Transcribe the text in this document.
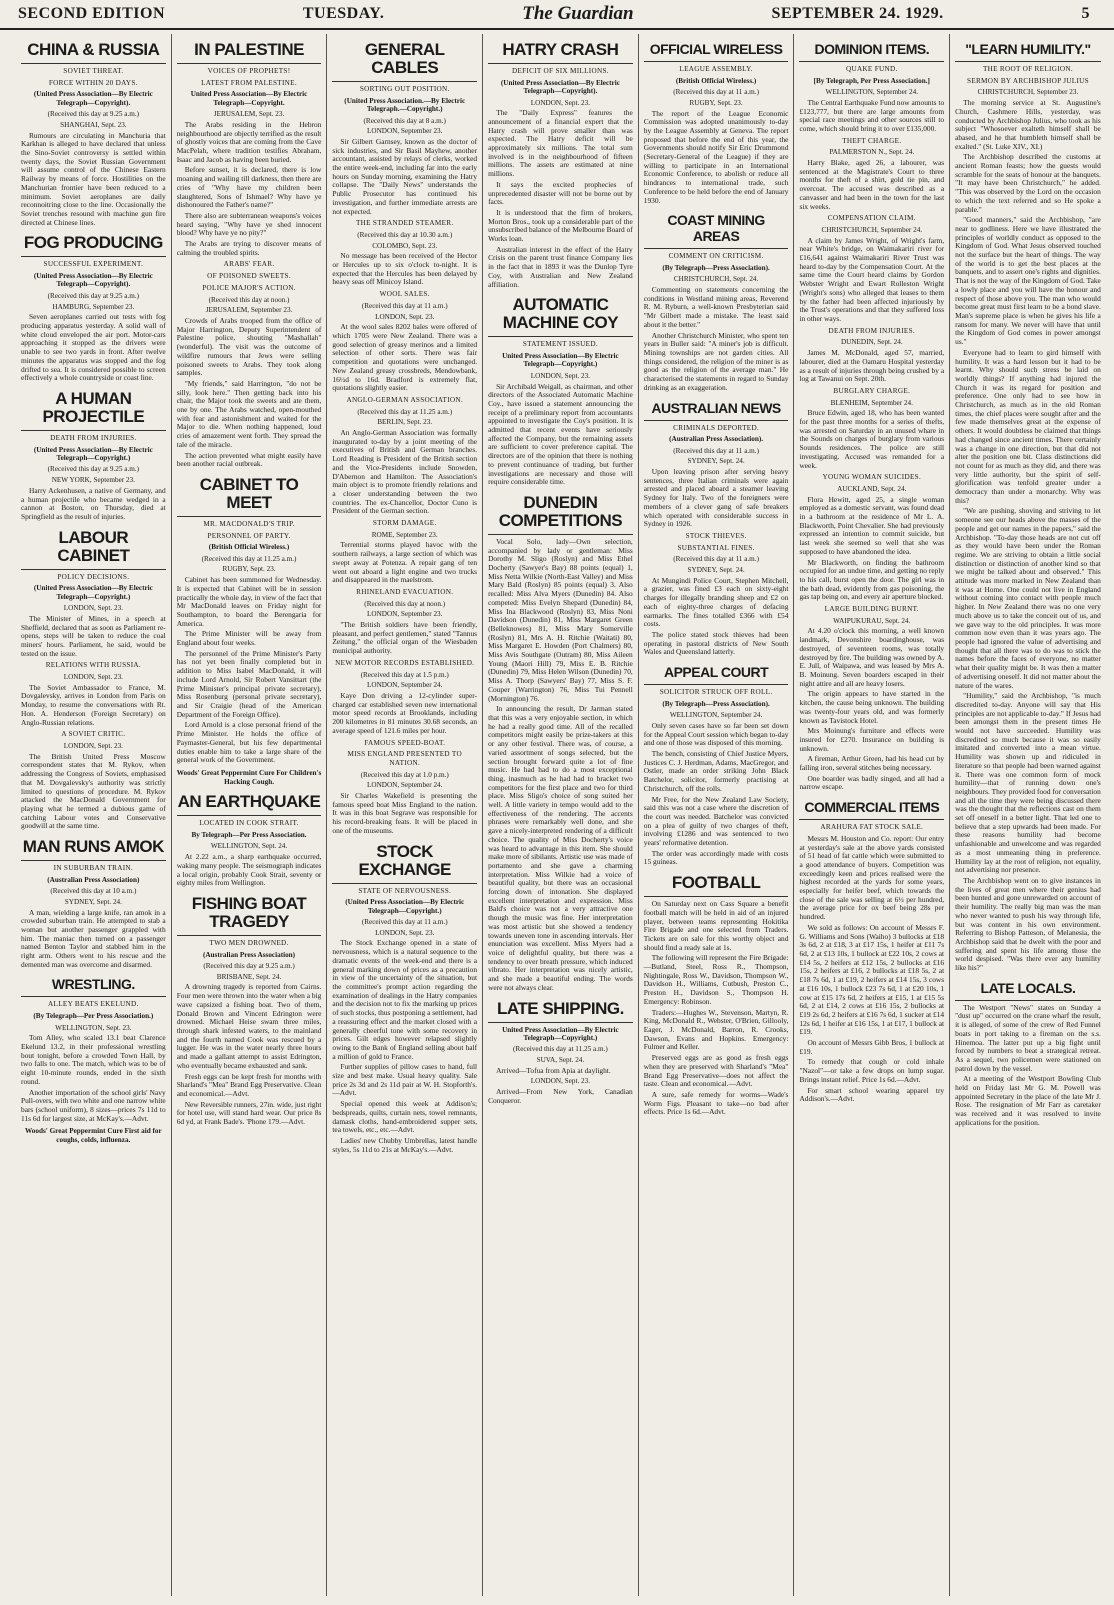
SECOND EDITION	TUESDAY.	The Guardian	SEPTEMBER 24. 1929.	5
CHINA & RUSSIA
SOVIET THREAT.
FORCE WITHIN 20 DAYS.
(United Press Association—By Electric Telegraph—Copyright).
(Received this day at 9.25 a.m.)
SHANGHAI, Sept. 23.
Rumours are circulating in Manchuria that Karkhan is alleged to have declared that unless the Sino-Soviet controversy is settled within twenty days, the Soviet Russian Government will assume control of the Chinese Eastern Railway by means of force. Hostilities on the Manchurian frontier have been reduced to a minimum. Soviet aeroplanes are daily reconnoitring close to the line. Occasionally the Soviet trenches resound with machine gun fire directed at Chinese lines.
FOG PRODUCING
SUCCESSFUL EXPERIMENT.
(United Press Association—By Electric Telegraph—Copyright).
(Received this day at 9.25 a.m.)
HAMBURG, September 23.
Seven aeroplanes carried out tests with fog producing apparatus yesterday. A solid wall of white cloud enveloped the air port. Motor-cars approaching it stopped as the drivers were unable to see two yards in front. After twelve minutes the apparatus was stopped and the fog drifted to sea. It is considered possible to screen effectively a whole countryside or coast line.
A HUMAN PROJECTILE
DEATH FROM INJURIES.
(United Press Association—By Electric Telegraph—Copyright.)
(Received this day at 9.25 a.m.)
NEW YORK, September 23.
Harry Ackenhusen, a native of Germany, and a human projectile who became wedged in a cannon at Boston, on Thursday, died at Springfield as the result of injuries.
LABOUR CABINET
POLICY DECISIONS.
(United Press Association—By Electric Telegraph—Copyright.)
LONDON, Sept. 23.
The Minister of Mines, in a speech at Sheffield, declared that as soon as Parliament re-opens, steps will be taken to reduce the coal miners' hours. Parliament, he said, would be tested on the issue.
RELATIONS WITH RUSSIA.
LONDON, Sept. 23.
The Soviet Ambassador to France, M. Dovgalevsky, arrives in London from Paris on Monday, to resume the conversations with Rt. Hon. A. Henderson (Foreign Secretary) on Anglo-Russian relations.
A SOVIET CRITIC.
LONDON, Sept. 23.
The British United Press Moscow correspondent states that M. Rykov, when addressing the Congress of Soviets, emphasised that M. Dovgalevsky's authority was strictly limited to questions of procedure. M. Rykov attacked the MacDonald Government for playing what he termed a dubious game of catching Labour votes and Conservative goodwill at the same time.
MAN RUNS AMOK
IN SUBURBAN TRAIN.
(Australian Press Association)
(Received this day at 10 a.m.)
SYDNEY, Sept. 24.
A man, wielding a large knife, ran amok in a crowded suburban train. He attempted to stab a woman but another passenger grappled with him. The maniac then turned on a passenger named Benton Taylor and stabbed him in the right arm. Others went to his rescue and the demented man was overcome and disarmed.
WRESTLING.
ALLEY BEATS EKELUND.
(By Telegraph—Per Press Association.)
WELLINGTON, Sept. 23.
Tom Alley, who scaled 13.1 beat Clarence Ekelund 13.2, in their professional wrestling bout tonight, before a crowded Town Hall, by two falls to one. The match, which was to be of eight 10-minute rounds, ended in the sixth round.
Another importation of the school girls' Navy Pull-overs, with two white and one narrow white bars (school uniform), 8 sizes—prices 7s 11d to 11s 6d for largest size, at McKay's.—Advt.
Woods' Great Peppermint Cure First aid for coughs, colds, influenza.
IN PALESTINE
VOICES OF PROPHETS!
LATEST FROM PALESTINE.
United Press Association—By Electric Telegraph—Copyright.
JERUSALEM, Sept. 23.
The Arabs residing in the Hebron neighbourhood are objectly terrified as the result of ghostly voices that are coming from the Cave MacPelah, where tradition testifies Abraham, Isaac and Jacob as having been buried.
Before sunset, it is declared, there is low moaning and wailing till darkness, then there are cries of "Why have my children been slaughtered, Sons of Ishmael? Why have ye dishonoured the Father's name?"
There also are subterranean weapons's voices heard saying, "Why have ye shed innocent blood? Why have ye no pity?"
The Arabs are trying to discover means of calming the troubled spirits.
ARABS' FEAR.
OF POISONED SWEETS.
POLICE MAJOR'S ACTION.
(Received this day at noon.)
JERUSALEM, September 23.
Crowds of Arabs trooped from the office of Major Harrington, Deputy Superintendent of Palestine police, shouting "Mashallah" (wonderful). The visit was the outcome of wildfire rumours that Jews were selling poisoned sweets to Arabs. They took along samples.
"My friends," said Harrington, "do not be silly, look here." Then getting back into his chair, the Major took the sweets and ate them, one by one. The Arabs watched, open-mouthed with fear and astonishment and waited for the Major to die. When nothing happened, loud cries of amazement went forth. They spread the tale of the miracle.
The action prevented what might easily have been another racial outbreak.
CABINET TO MEET
MR. MACDONALD'S TRIP.
PERSONNEL OF PARTY.
(British Official Wireless.)
(Received this day at 11.25 a.m.)
RUGBY, Sept. 23.
Cabinet has been summoned for Wednesday. It is expected that Cabinet will be in session practically the whole day, in view of the fact that Mr MacDonald leaves on Friday night for Southampton, to board the Berengaria for America.
The Prime Minister will be away from England about four weeks.
The personnel of the Prime Minister's Party has not yet been finally completed but in addition to Miss Isabel MacDonald, it will include Lord Arnold, Sir Robert Vansittart (the Prime Minister's principal private secretary), Miss Rosenburg (personal private secretary), and Sir Craigie (head of the American Department of the Foreign Office).
Lord Arnold is a close personal friend of the Prime Minister. He holds the office of Paymaster-General, but his few departmental duties enable him to take a large share of the general work of the Government.
Woods' Great Peppermint Cure For Children's Hacking Cough.
AN EARTHQUAKE
LOCATED IN COOK STRAIT.
By Telegraph—Per Press Association.
WELLINGTON, Sept. 24.
At 2.22 a.m., a sharp earthquake occurred, waking many people. The seismograph indicates a local origin, probably Cook Strait, seventy or eighty miles from Wellington.
FISHING BOAT TRAGEDY
TWO MEN DROWNED.
(Australian Press Association)
(Received this day at 9.25 a.m.)
BRISBANE, Sept. 24.
A drowning tragedy is reported from Cairns. Four men were thrown into the water when a big wave capsized a fishing boat. Two of them, Donald Brown and Vincent Edrington were drowned. Michael Heise swam three miles, through shark infested waters, to the mainland and the fourth named Cook was rescued by a lugger. He was in the water nearly three hours and made a gallant attempt to assist Edrington, who eventually became exhausted and sank.
Fresh eggs can be kept fresh for months with Sharland's "Mea" Brand Egg Preservative. Clean and economical.—Advt.
New Reversible runners, 27in. wide, just right for hotel use, will stand hard wear. Our price 8s 6d yd, at Frank Bade's. 'Phone 179.—Advt.
GENERAL CABLES
SORTING OUT POSITION.
(United Press Association.—By Electric Telegraph.—Copyright.)
(Received this day at 8 a.m.)
LONDON, September 23.
Sir Gilbert Garnsey, known as the doctor of sick industries, and Sir Basil Mayhew, another accountant, assisted by relays of clerks, worked the entire week-end, including far into the early hours on Sunday morning, examining the Hatry collapse. The "Daily News" understands the Public Prosecutor has continued his investigation, and further immediate arrests are not expected.
THE STRANDED STEAMER.
(Received this day at 10.30 a.m.)
COLOMBO, Sept. 23.
No message has been received of the Hector or Hercules up to six o'clock to-night. It is expected that the Hercules has been delayed by heavy seas off Minicoy Island.
WOOL SALES.
(Received this day at 11 a.m.)
LONDON, Sept. 23.
At the wool sales 8202 bales were offered of which 1705 were New Zealand. There was a good selection of greasy merinos and a limited selection of other sorts. There was fair competition and quotations were unchanged. New Zealand greasy crossbreds, Mendowbank, 16½d to 16d. Bradford is extremely flat, quotations slightly easier.
ANGLO-GERMAN ASSOCIATION.
(Received this day at 11.25 a.m.)
BERLIN, Sept. 23.
An Anglo-German Association was formally inaugurated to-day by a joint meeting of the executives of British and German branches. Lord Reading is President of the British section and the Vice-Presidents include Snowden, D'Abernon and Hamilton. The Association's main object is to promote friendly relations and a closer understanding between the two countries. The ex-Chancellor, Doctor Cuno is President of the German section.
STORM DAMAGE.
ROME, September 23.
Terrential storms played havoc with the southern railways, a large section of which was swept away at Potenza. A repair gang of ten went out aboard a light engine and two trucks and disappeared in the maelstrom.
RHINELAND EVACUATION.
(Received this day at noon.)
LONDON, September 23.
"The British soldiers have been friendly, pleasant, and perfect gentlemen," stated "Tannus Zeitung," the official organ of the Wiesbaden municipal authority.
NEW MOTOR RECORDS ESTABLISHED.
(Received this day at 1.5 p.m.)
LONDON, September 24.
Kaye Don driving a 12-cylinder super-charged car established seven new international motor speed records at Brooklands, including 200 kilometres in 81 minutes 30.68 seconds, an average speed of 121.6 miles per hour.
FAMOUS SPEED-BOAT.
MISS ENGLAND PRESENTED TO NATION.
(Received this day at 1.0 p.m.)
LONDON, September 24.
Sir Charles Wakefield is presenting the famous speed boat Miss England to the nation. It was in this boat Segrave was responsible for his record-breaking feats. It will be placed in one of the museums.
STOCK EXCHANGE
STATE OF NERVOUSNESS.
(United Press Association—By Electric Telegraph—Copyright.)
(Received this day at 11 a.m.)
LONDON, Sept. 23.
The Stock Exchange opened in a state of nervousness, which is a natural sequence to the dramatic events of the week-end and there is a general marking down of prices as a precaution in view of the uncertainty of the situation, but the committee's prompt action regarding the examination of dealings in the Hatry companies and the decision not to fix the marking up prices of such stocks, thus postponing a settlement, had a reassuring effect and the market closed with a generally cheerful tone with some recovery in prices. Gilt edges however relapsed slightly owing to the Bank of England selling about half a million of gold to France.
Further supplies of pillow cases to hand, full size and best make. Usual heavy quality. Sale price 2s 3d and 2s 11d pair at W. H. Stopforth's.—Advt.
Special opened this week at Addison's; bedspreads, quilts, curtain nets, towel remnants, damask cloths, hand-embroidered supper sets, tea towels, etc., etc.—Advt.
Ladies' new Chubby Umbrellas, latest handle styles, 5s 11d to 21s at McKay's.—Advt.
HATRY CRASH
DEFICIT OF SIX MILLIONS.
(United Press Association—By Electric Telegraph—Copyright).
LONDON, Sept. 23.
The "Daily Express" features the announcement of a financial expert that the Hatry crash will prove smaller than was expected. The Hatry deficit will be approximately six millions. The total sum involved is in the neighbourhood of fifteen millions. The assets are estimated at nine millions.
It says the excited prophecies of unprecedented disaster will not be borne out by facts.
It is understood that the firm of brokers, Morton Bros., took up a considerable part of the unsubscribed balance of the Melbourne Board of Works loan.
Australian interest in the effect of the Hatry Crisis on the parent trust finance Company lies in the fact that in 1893 it was the Dunlop Tyre Coy, with Australian and New Zealand affiliation.
AUTOMATIC MACHINE COY
STATEMENT ISSUED.
United Press Association—By Electric Telegraph—Copyright.)
LONDON, Sept. 23.
Sir Archibald Weigall, as chairman, and other directors of the Associated Automatic Machine Coy., have issued a statement announcing the receipt of a preliminary report from accountants appointed to investigate the Coy's position. It is admitted that recent events have seriously affected the Company, but the remaining assets are sufficient to cover preference capital. The directors are of the opinion that there is nothing to prevent continuance of trading, but further investigations are necessary and those will require considerable time.
DUNEDIN COMPETITIONS
Vocal Solo, lady—Own selection, accompanied by lady or gentleman: Miss Dorothy M. Sligo (Roslyn) and Miss Ethel Docherty (Sawyer's Bay) 88 points (equal) 1, Miss Netta Wilkie (North-East Valley) and Miss Mary Bald (Roslyn) 85 points (equal) 3. Also recalled: Miss Alva Myers (Dunedin) 84. Also competed: Miss Evelyn Shepard (Dunedin) 84, Miss Ina Blackwood (Roslyn) 83, Miss Noni Davidson (Dunedin) 81, Miss Margaret Green (Belleknowes) 81, Miss Mary Somerville (Roslyn) 81, Mrs A. H. Ritchie (Waitati) 80, Miss Margaret E. Howden (Port Chalmers) 80, Miss Avis Southgate (Outram) 80, Miss Aileen Young (Maori Hill) 79, Miss E. B. Ritchie (Dunedin) 79, Miss Helen Wilson (Dunedin) 70, Miss A. Thorp (Sawyers' Bay) 77, Miss S. F. Couper (Warrington) 76, Miss Tui Pennell (Mornington) 76.
In announcing the result, Dr Jarman stated that this was a very enjoyable section, in which he had a really good time. All of the recalled competitors might easily be prize-takers at this or any other festival. There was, of course, a varied assortment of songs selected, but the section brought forward quite a lot of fine music. He had had to do a most exceptional thing, inasmuch as he had had to bracket two competitors for the first place and two for third place. Miss Sligo's choice of song suited her well. A little variety in tempo would add to the effectiveness of the rendering. The accents phrases were remarkably well done, and she gave a nicely-interpreted rendering of a difficult choice. The quality of Miss Docherty's voice was heard to advantage in this item. She should make more of sibilants. Artistic use was made of portamento and she gave a charming interpretation. Miss Wilkie had a voice of beautiful quality, but there was an occasional forcing down of intonation. She displayed excellent interpretation and expression. Miss Bald's choice was not a very attractive one though the music was fine. Her interpretation was most artistic but she showed a tendency towards uneven tone in ascending intervals. Her enunciation was excellent. Miss Myers had a voice of delightful quality, but there was a tendency to over breath pressure, which induced vibrato. Her interpretation was nicely artistic, and she made a beautiful ending. The words were not always clear.
LATE SHIPPING.
United Press Association—By Electric Telegraph—Copyright.)
(Received this day at 11.25 a.m.)
SUVA, Sept. 24.
Arrived—Tofua from Apia at daylight.
LONDON, Sept. 23.
Arrived—From New York, Canadian Conqueror.
OFFICIAL WIRELESS
LEAGUE ASSEMBLY.
(British Official Wireless.)
(Received this day at 11 a.m.)
RUGBY, Sept. 23.
The report of the League Economic Commission was adopted unanimously to-day by the League Assembly at Geneva. The report proposed that before the end of this year, the Governments should notify Sir Eric Drummond (Secretary-General of the League) if they are willing to participate in an International Economic Conference, to abolish or reduce all hindrances to international trade, such Conference to be held before the end of January 1930.
COAST MINING AREAS
COMMENT ON CRITICISM.
(By Telegraph—Press Association).
CHRISTCHURCH, Sept. 24.
Commenting on statements concerning the conditions in Westland mining areas, Reverend R. M. Ryburn, a well-known Presbyterian said "Mr Gilbert made a mistake. The least said about it the better."
Another Christchurch Minister, who spent ten years in Buller said: "A miner's job is difficult. Mining townships are not garden cities. All things considered, the religion of the miner is as good as the religion of the average man." He characterised the statements in regard to Sunday drinking as an exaggeration.
AUSTRALIAN NEWS
CRIMINALS DEPORTED.
(Australian Press Association).
(Received this day at 11 a.m.)
SYDNEY, Sept. 24.
Upon leaving prison after serving heavy sentences, three Italian criminals were again arrested and placed aboard a steamer leaving Sydney for Italy. Two of the foreigners were members of a clever gang of safe breakers which operated with considerable success in Sydney in 1926.
STOCK THIEVES.
SUBSTANTIAL FINES.
(Received this day at 11 a.m.)
SYDNEY, Sept. 24.
At Mungindi Police Court, Stephen Mitchell, a grazier, was fined £3 each on sixty-eight charges for illegally branding sheep and £2 on each of eighty-three charges of defacing earmarks. The fines totalled £366 with £54 costs.
The police stated stock thieves had been operating in pastoral districts of New South Wales and Queensland latterly.
APPEAL COURT
SOLICITOR STRUCK OFF ROLL.
(By Telegraph—Press Association).
WELLINGTON, September 24.
Only seven cases have so far been set down for the Appeal Court session which began to-day and one of those was disposed of this morning.
The bench, consisting of Chief Justice Myers, Justices C. J. Herdman, Adams, MacGregor, and Ostler, made an order striking John Black Batchelor, solicitor, formerly practising at Christchurch, off the rolls.
Mr Free, for the New Zealand Law Society, said this was not a case where the discretion of the court was needed. Batchelor was convicted on a plea of guilty of two charges of theft, involving £1286 and was sentenced to two years' reformative detention.
The order was accordingly made with costs 15 guineas.
FOOTBALL
On Saturday next on Cass Square a benefit football match will be held in aid of an injured player, between teams representing Hokitika Fire Brigade and one selected from Traders. Tickets are on sale for this worthy object and should find a ready sale at 1s.
The following will represent the Fire Brigade:—Butland, Steel, Ross R., Thompson, Nightingale, Ross W., Davidson, Thompson W., Davidson H., Williams, Cutbush, Preston C., Preston H., Davidson S., Thompson H. Emergency: Robinson.
Traders:—Hughes W., Stevenson, Martyn, R. King, McDonald R., Webster, O'Brien, Gillooly, Eager, J. McDonald, Barron, R. Crooks, Dawson, Evans and Hopkins. Emergency: Fulmer and Keller.
Preserved eggs are as good as fresh eggs when they are preserved with Sharland's "Mea" Brand Egg Preservative—does not affect the taste. Clean and economical.—Advt.
A sure, safe remedy for worms—Wade's Worm Figs. Pleasant to take—no bad after effects. Price 1s 6d.—Advt.
DOMINION ITEMS.
QUAKE FUND.
[By Telegraph, Per Press Association.]
WELLINGTON, September 24.
The Central Earthquake Fund now amounts to £123,777, but there are large amounts from special race meetings and other sources still to come, which should bring it to over £135,000.
THEFT CHARGE.
PALMERSTON N., Sept. 24.
Harry Blake, aged 26, a labourer, was sentenced at the Magistrate's Court to three months for theft of a shirt, gold tie pin, and overcoat. The accused was described as a canvasser and had been in the town for the last six weeks.
COMPENSATION CLAIM.
CHRISTCHURCH, September 24.
A claim by James Wright, of Wright's farm, near White's bridge, on Waimakariri river for £16,641 against Waimakariri River Trust was heard to-day by the Compensation Court. At the same time the Court heard claims by Gordon Webster Wright and Ewart Rolleston Wright (Wright's sons) who alleged that leases to them by the father had been affected injuriously by the Trust's operations and that they suffered loss in other ways.
DEATH FROM INJURIES.
DUNEDIN, Sept. 24.
James M. McDonald, aged 57, married, labourer, died at the Oamaru Hospital yesterday as a result of injuries through being crushed by a log at Tawanui on Sept. 20th.
BURGLARY CHARGE.
BLENHEIM, September 24.
Bruce Edwin, aged 18, who has been wanted for the past three months for a series of thefts, was arrested on Saturday in an unused whare in the Sounds on charges of burglary from various Sounds residences. The police are still investigating. Accused was remanded for a week.
YOUNG WOMAN SUICIDES.
AUCKLAND, Sept. 24.
Flora Hewitt, aged 25, a single woman employed as a domestic servant, was found dead in a bathroom at the residence of Mr L. A. Blackworth, Point Chevalier. She had previously expressed an intention to commit suicide, but last week she seemed so well that she was supposed to have abandoned the idea.
Mr Blackworth, on finding the bathroom occupied for an undue time, and getting no reply to his call, burst open the door. The girl was in the bath dead, evidently from gas poisoning, the gas tap being on, and every air aperture blocked.
LARGE BUILDING BURNT.
WAIPUKURAU, Sept. 24.
At 4.20 o'clock this morning, a well known landmark, Devonshire boardinghouse, was destroyed, of seventeen rooms, was totally destroyed by fire. The building was owned by A. E. Jull, of Waipawa, and was leased by Mrs A. B. Moinung. Seven boarders escaped in their night attire and all are heavy losers.
The origin appears to have started in the kitchen, the cause being unknown. The building was twenty-four years old, and was formerly known as Tavistock Hotel.
Mrs Moinung's furniture and effects were insured for £270. Insurance on building is unknown.
A fireman, Arthur Green, had his head cut by falling iron, several stitches being necessary.
One boarder was badly singed, and all had a narrow escape.
COMMERCIAL ITEMS
ARAHURA FAT STOCK SALE.
Messrs M. Houston and Co. report: Our entry at yesterday's sale at the above yards consisted of 51 head of fat cattle which were submitted to a good attendance of buyers. Competition was exceedingly keen and prices realised were the highest recorded at the yards for some years, especially for heifer beef, which towards the close of the sale was selling at 6½ per hundred, the average price for ox beef being 28s per hundred.
We sold as follows: On account of Messrs F. G. Williams and Sons (Waiho) 3 bullocks at £18 3s 6d, 2 at £18, 3 at £17 15s, 1 heifer at £11 7s 6d, 2 at £13 10s, 1 bullock at £22 10s, 2 cows at £14 5s, 2 heifers at £12 15s, 2 bullocks at £16 15s, 2 heifers at £16, 2 bullocks at £18 5s, 2 at £18 7s 6d, 1 at £19, 2 heifers at £14 15s, 3 cows at £16 10s, 1 bullock £23 7s 6d, 1 at £20 10s, 1 cow at £15 17s 6d, 2 heifers at £15, 1 at £15 5s 6d, 2 at £14, 2 cows at £16 15s, 2 bullocks at £19 2s 6d, 2 heifers at £16 7s 6d, 1 sucker at £14 12s 6d, 1 heifer at £16 15s, 1 at £17, 1 bullock at £19.
On account of Messrs Gibb Bros, 1 bullock at £19.
To remedy that cough or cold inhale "Nazol"—or take a few drops on lump sugar. Brings instant relief. Price 1s 6d.—Advt.
For smart school wearing apparel try Addison's.—Advt.
"LEARN HUMILITY."
THE ROOT OF RELIGION.
SERMON BY ARCHBISHOP JULIUS
CHRISTCHURCH, September 23.
The morning service at St. Augustine's Church, Cashmere Hills, yesterday, was conducted by Archbishop Julius, who took as his subject "Whosoever exalteth himself shall be abased, and he that humbleth himself shall be exalted." (St. Luke XIV., XI.)
The Archbishop described the customs at ancient Roman feasts; how the guests would scramble for the seats of honour at the banquets. "It may have been Christchurch," he added. "This was observed by the Lord on the occasion to which the text referred and so He spoke a parable."
"Good manners," said the Archbishop, "are near to godliness. Here we have illustrated the principles of worldly conduct as opposed to the Kingdom of God. What Jesus observed touched not the surface but the heart of things. The way of the world is to get the best places at the banquets, and to assert one's rights and dignities. That is not the way of the Kingdom of God. Take a lowly place and you will have the honour and respect of those above you. The man who would become great must first learn to be a bond slave. Man's supreme place is when he gives his life a ransom for many. We never will have that until the Kingdom of God comes in power amongst us."
Everyone had to learn to gird himself with humility. It was a hard lesson but it had to be learnt. Why should such stress be laid on worldly things? If anything had injured the Church it was its regard for position and preference. One only had to see how in Christchurch, as much as in the old Roman times, the chief places were sought after and the few made themselves great at the expense of others. It would doubtless be claimed that things had changed since ancient times. There certainly was a change in one direction, but that did not alter the position one bit. Class distinctions did not count for as much as they did, and there was very little authority, but the spirit of self-glorification was tenfold greater under a democracy than under a monarchy. Why was this?
"We are pushing, shoving and striving to let someone see our heads above the masses of the people and get our names in the papers," said the Archbishop. "To-day those heads are not cut off as they would have been under the Roman regime. We are striving to obtain a little social distinction or distinction of another kind so that we might be talked about and observed." This attitude was more marked in New Zealand than it was at Home. One could not live in England without coming into contact with people much higher. In New Zealand there was no one very much above us to take the conceit out of us, and we gave way to the old principles. It was more common now even than it was years ago. The people had ignored the value of advertising and thought that all there was to do was to stick the names before the faces of everyone, no matter what their quality might be. It was then a matter of advertising oneself. It did not matter about the nature of the wares.
"Humility," said the Archbishop, "is much discredited to-day. Anyone will say that His principles are not applicable to-day." If Jesus had been amongst them in the present times He would not have succeeded. Humility was discredited so much because it was so easily imitated and converted into a mean virtue. Humility was shown up and ridiculed in literature so that people had been warned against it. There was one common form of mock humility—that of running down one's neighbours. They provided food for conversation and all the time they were being discussed there was the thought that the reflections cast on them set off oneself in a better light. That led one to believe that a step upwards had been made. For these reasons humility had become unfashionable and unwelcome and was regarded as a most unmeaning thing in preference. Humility lay at the root of religion, not equality, not advertising nor presence.
The Archbishop went on to give instances in the lives of great men where their genius had been hunted and gone unrewarded on account of their humility. The really big man was the man who never wanted to push his way through life, but was content in his own environment. Referring to Bishop Patteson, of Melanesia, the Archbishop said that he dwelt with the poor and suffering and spent his life among those the world despised. "Was there ever any humility like his?"
LATE LOCALS.
The Westport "News" states on Sunday a "dust up" occurred on the crane wharf the result, it is alleged, of some of the crew of Red Funnel boats in port taking to a fireman on the s.s. Hinemoa. The latter put up a big fight until forced by numbers to beat a strategical retreat. As a sequel, two policemen were stationed on patrol down by the vessel.
At a meeting of the Westport Bowling Club held on Friday last Mr G. M. Powell was appointed Secretary in the place of the late Mr J. Rose. The resignation of Mr Farr as caretaker was received and it was resolved to invite applications for the position.
